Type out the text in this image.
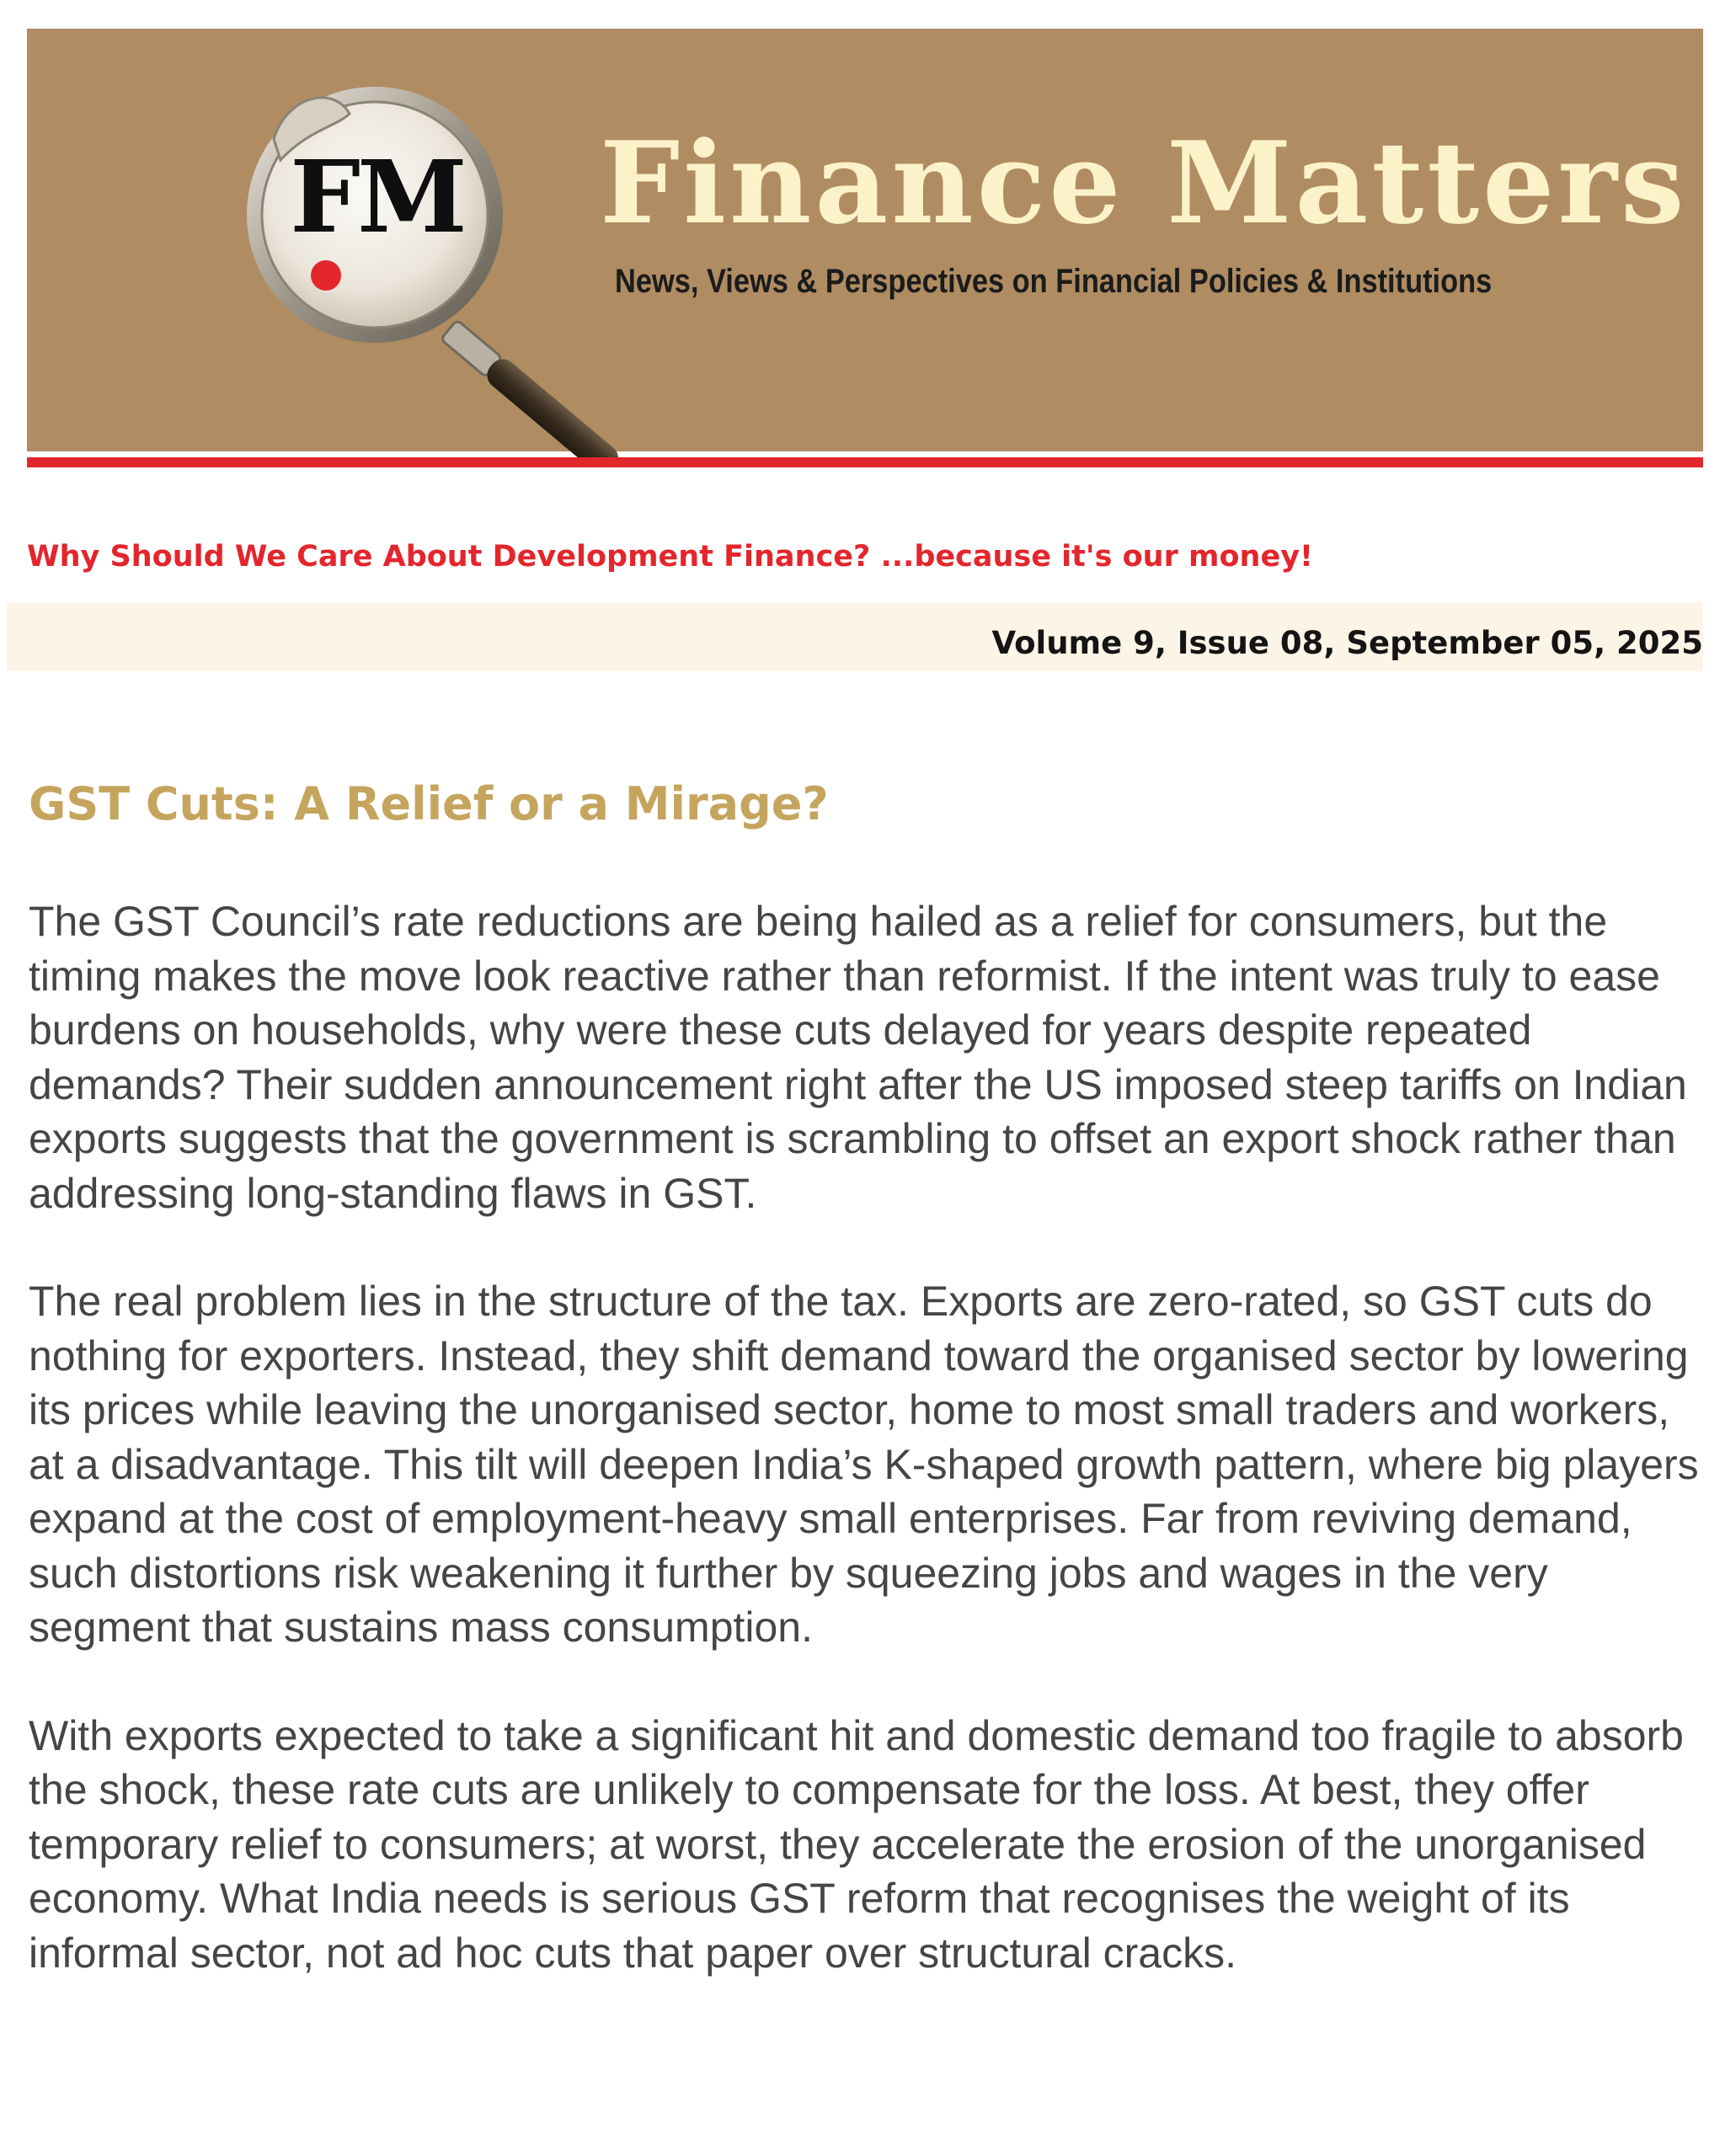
FM Finance Matters
News, Views & Perspectives on Financial Policies & Institutions
Why Should We Care About Development Finance? ...because it's our money!
Volume 9, Issue 08, September 05, 2025
GST Cuts: A Relief or a Mirage?

The GST Council’s rate reductions are being hailed as a relief for consumers, but the timing makes the move look reactive rather than reformist. If the intent was truly to ease burdens on households, why were these cuts delayed for years despite repeated demands? Their sudden announcement right after the US imposed steep tariffs on Indian exports suggests that the government is scrambling to offset an export shock rather than addressing long-standing flaws in GST.

The real problem lies in the structure of the tax. Exports are zero-rated, so GST cuts do nothing for exporters. Instead, they shift demand toward the organised sector by lowering its prices while leaving the unorganised sector, home to most small traders and workers, at a disadvantage. This tilt will deepen India’s K-shaped growth pattern, where big players expand at the cost of employment-heavy small enterprises. Far from reviving demand, such distortions risk weakening it further by squeezing jobs and wages in the very segment that sustains mass consumption.

With exports expected to take a significant hit and domestic demand too fragile to absorb the shock, these rate cuts are unlikely to compensate for the loss. At best, they offer temporary relief to consumers; at worst, they accelerate the erosion of the unorganised economy. What India needs is serious GST reform that recognises the weight of its informal sector, not ad hoc cuts that paper over structural cracks.
